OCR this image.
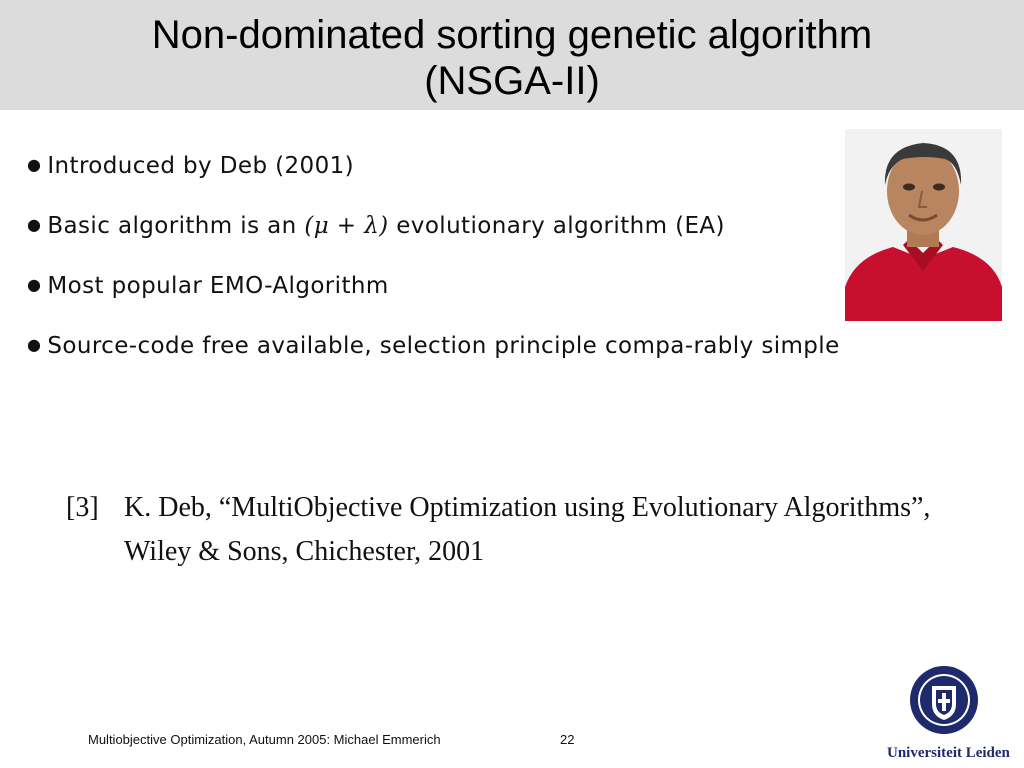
Non-dominated sorting genetic algorithm
(NSGA-II)
● Introduced by Deb (2001)
● Basic algorithm is an (μ + λ) evolutionary algorithm (EA)
● Most popular EMO-Algorithm
● Source-code free available, selection principle compa-rably simple
[3] K. Deb, “MultiObjective Optimization using Evolutionary Algorithms”, Wiley & Sons, Chichester, 2001
Multiobjective Optimization, Autumn 2005: Michael Emmerich	22
Universiteit Leiden
